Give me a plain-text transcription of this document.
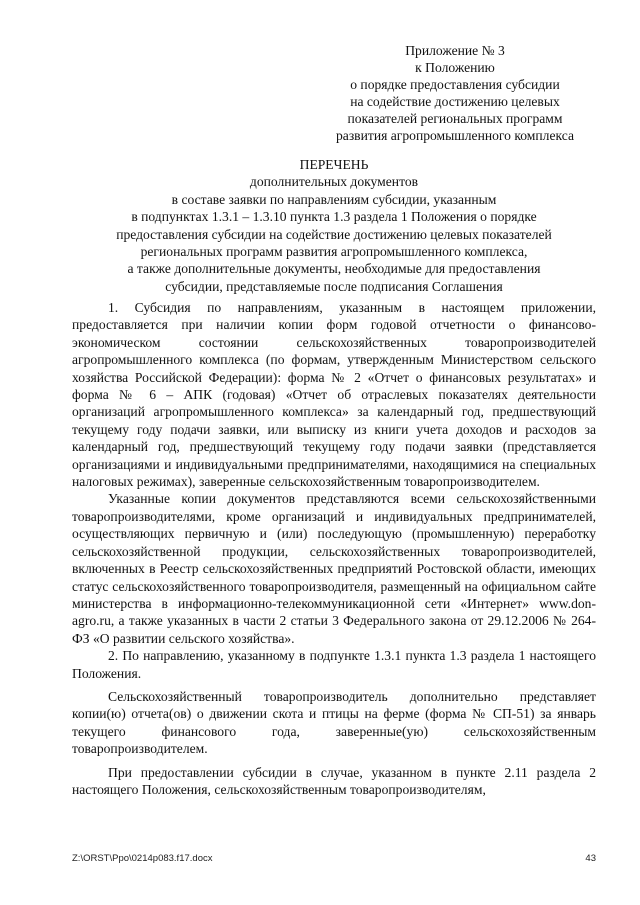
Приложение № 3
к Положению
о порядке предоставления субсидии
на содействие достижению целевых
показателей региональных программ
развития агропромышленного комплекса
ПЕРЕЧЕНЬ
дополнительных документов
в составе заявки по направлениям субсидии, указанным
в подпунктах 1.3.1 – 1.3.10 пункта 1.3 раздела 1 Положения о порядке
предоставления субсидии на содействие достижению целевых показателей
региональных программ развития агропромышленного комплекса,
а также дополнительные документы, необходимые для предоставления
субсидии, представляемые после подписания Соглашения

1. Субсидия по направлениям, указанным в настоящем приложении, предоставляется при наличии копии форм годовой отчетности о финансово-экономическом состоянии сельскохозяйственных товаропроизводителей агропромышленного комплекса (по формам, утвержденным Министерством сельского хозяйства Российской Федерации): форма № 2 «Отчет о финансовых результатах» и форма № 6 – АПК (годовая) «Отчет об отраслевых показателях деятельности организаций агропромышленного комплекса» за календарный год, предшествующий текущему году подачи заявки, или выписку из книги учета доходов и расходов за календарный год, предшествующий текущему году подачи заявки (представляется организациями и индивидуальными предпринимателями, находящимися на специальных налоговых режимах), заверенные сельскохозяйственным товаропроизводителем.

Указанные копии документов представляются всеми сельскохозяйственными товаропроизводителями, кроме организаций и индивидуальных предпринимателей, осуществляющих первичную и (или) последующую (промышленную) переработку сельскохозяйственной продукции, сельскохозяйственных товаропроизводителей, включенных в Реестр сельскохозяйственных предприятий Ростовской области, имеющих статус сельскохозяйственного товаропроизводителя, размещенный на официальном сайте министерства в информационно-телекоммуникационной сети «Интернет» www.don-agro.ru, а также указанных в части 2 статьи 3 Федерального закона от 29.12.2006 № 264-ФЗ «О развитии сельского хозяйства».

2. По направлению, указанному в подпункте 1.3.1 пункта 1.3 раздела 1 настоящего Положения.

Сельскохозяйственный товаропроизводитель дополнительно представляет копии(ю) отчета(ов) о движении скота и птицы на ферме (форма № СП-51) за январь текущего финансового года, заверенные(ую) сельскохозяйственным товаропроизводителем.

При предоставлении субсидии в случае, указанном в пункте 2.11 раздела 2 настоящего Положения, сельскохозяйственным товаропроизводителям,

Z:\ORST\Ppo\0214p083.f17.docx	43
